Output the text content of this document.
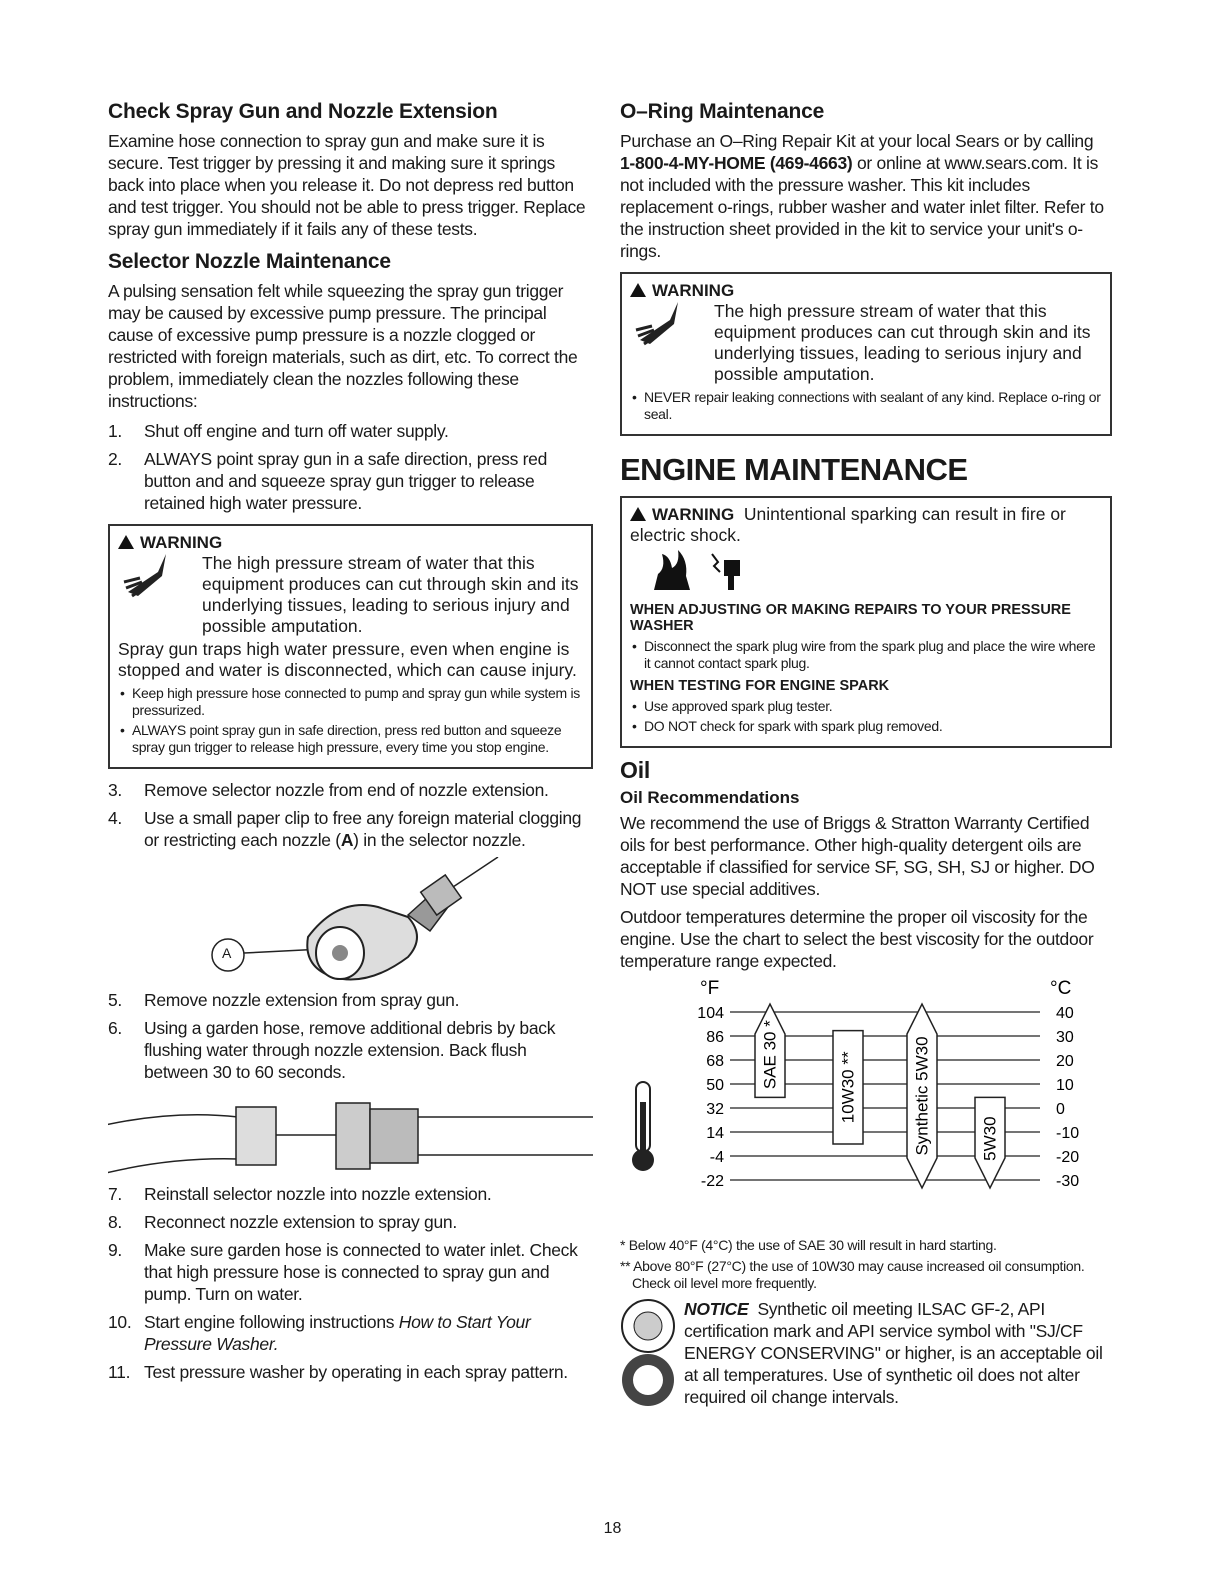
Check Spray Gun and Nozzle Extension

Examine hose connection to spray gun and make sure it is secure. Test trigger by pressing it and making sure it springs back into place when you release it. Do not depress red button and test trigger. You should not be able to press trigger. Replace spray gun immediately if it fails any of these tests.

Selector Nozzle Maintenance

A pulsing sensation felt while squeezing the spray gun trigger may be caused by excessive pump pressure. The principal cause of excessive pump pressure is a nozzle clogged or restricted with foreign materials, such as dirt, etc. To correct the problem, immediately clean the nozzles following these instructions:

1.	Shut off engine and turn off water supply.
2.	ALWAYS point spray gun in a safe direction, press red button and and squeeze spray gun trigger to release retained high water pressure.
WARNING
The high pressure stream of water that this equipment produces can cut through skin and its underlying tissues, leading to serious injury and possible amputation.
Spray gun traps high water pressure, even when engine is stopped and water is disconnected, which can cause injury.
• Keep high pressure hose connected to pump and spray gun while system is pressurized.
• ALWAYS point spray gun in safe direction, press red button and squeeze spray gun trigger to release high pressure, every time you stop engine.
3.	Remove selector nozzle from end of nozzle extension.
4.	Use a small paper clip to free any foreign material clogging or restricting each nozzle (A) in the selector nozzle.
A
5.	Remove nozzle extension from spray gun.
6.	Using a garden hose, remove additional debris by back flushing water through nozzle extension. Back flush between 30 to 60 seconds.
7.	Reinstall selector nozzle into nozzle extension.
8.	Reconnect nozzle extension to spray gun.
9.	Make sure garden hose is connected to water inlet. Check that high pressure hose is connected to spray gun and pump. Turn on water.
10. Start engine following instructions How to Start Your Pressure Washer.
11. Test pressure washer by operating in each spray pattern.
O–Ring Maintenance

Purchase an O–Ring Repair Kit at your local Sears or by calling 1-800-4-MY-HOME (469-4663) or online at www.sears.com. It is not included with the pressure washer. This kit includes replacement o-rings, rubber washer and water inlet filter. Refer to the instruction sheet provided in the kit to service your unit's o-rings.

WARNING
The high pressure stream of water that this equipment produces can cut through skin and its underlying tissues, leading to serious injury and possible amputation.
• NEVER repair leaking connections with sealant of any kind. Replace o-ring or seal.
ENGINE MAINTENANCE
WARNING Unintentional sparking can result in fire or electric shock.
WHEN ADJUSTING OR MAKING REPAIRS TO YOUR PRESSURE WASHER
• Disconnect the spark plug wire from the spark plug and place the wire where it cannot contact spark plug.
WHEN TESTING FOR ENGINE SPARK
• Use approved spark plug tester.
• DO NOT check for spark with spark plug removed.
Oil
Oil Recommendations

We recommend the use of Briggs & Stratton Warranty Certified oils for best performance. Other high-quality detergent oils are acceptable if classified for service SF, SG, SH, SJ or higher. DO NOT use special additives.

Outdoor temperatures determine the proper oil viscosity for the engine. Use the chart to select the best viscosity for the outdoor temperature range expected.

°F	°C
104	40
86	30
68	20
50	10
32	0
14	-10
-4	-20
-22	-30
SAE 30 *	10W30 **	Synthetic 5W30	5W30

* Below 40°F (4°C) the use of SAE 30 will result in hard starting.

** Above 80°F (27°C) the use of 10W30 may cause increased oil consumption. Check oil level more frequently.

NOTICE Synthetic oil meeting ILSAC GF-2, API certification mark and API service symbol with "SJ/CF ENERGY CONSERVING" or higher, is an acceptable oil at all temperatures. Use of synthetic oil does not alter required oil change intervals.

18
